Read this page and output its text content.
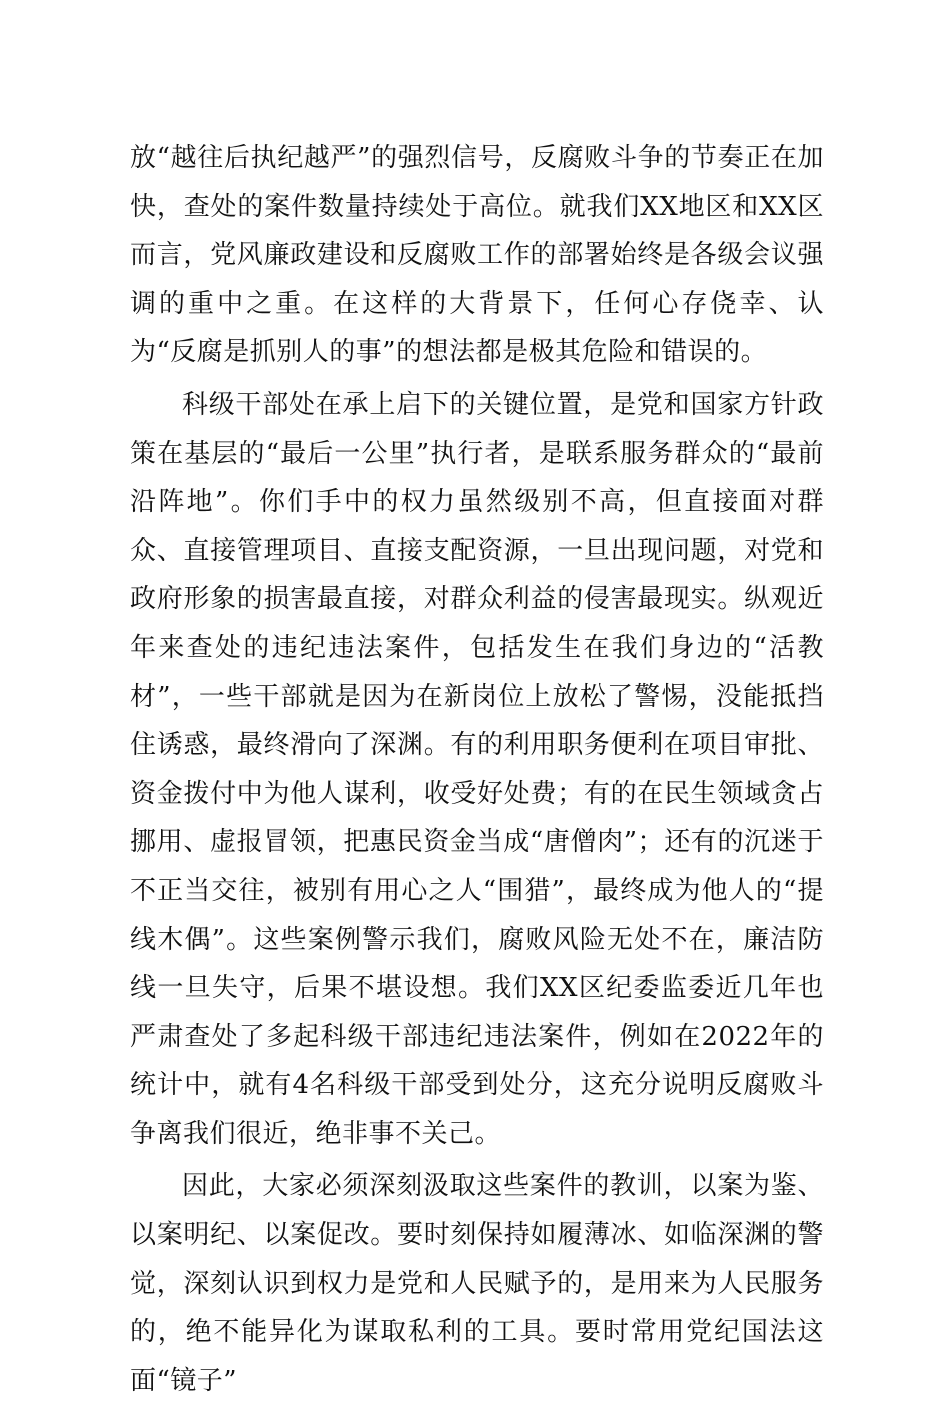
放“越往后执纪越严”的强烈信号，反腐败斗争的节奏正在加快，查处的案件数量持续处于高位。就我们XX地区和XX区而言，党风廉政建设和反腐败工作的部署始终是各级会议强调的重中之重。在这样的大背景下，任何心存侥幸、认为“反腐是抓别人的事”的想法都是极其危险和错误的。

科级干部处在承上启下的关键位置，是党和国家方针政策在基层的“最后一公里”执行者，是联系服务群众的“最前沿阵地”。你们手中的权力虽然级别不高，但直接面对群众、直接管理项目、直接支配资源，一旦出现问题，对党和政府形象的损害最直接，对群众利益的侵害最现实。纵观近年来查处的违纪违法案件，包括发生在我们身边的“活教材”，一些干部就是因为在新岗位上放松了警惕，没能抵挡住诱惑，最终滑向了深渊。有的利用职务便利在项目审批、资金拨付中为他人谋利，收受好处费；有的在民生领域贪占挪用、虚报冒领，把惠民资金当成“唐僧肉”；还有的沉迷于不正当交往，被别有用心之人“围猎”，最终成为他人的“提线木偶”。这些案例警示我们，腐败风险无处不在，廉洁防线一旦失守，后果不堪设想。我们XX区纪委监委近几年也严肃查处了多起科级干部违纪违法案件，例如在2022年的统计中，就有4名科级干部受到处分，这充分说明反腐败斗争离我们很近，绝非事不关己。

因此，大家必须深刻汲取这些案件的教训，以案为鉴、以案明纪、以案促改。要时刻保持如履薄冰、如临深渊的警觉，深刻认识到权力是党和人民赋予的，是用来为人民服务的，绝不能异化为谋取私利的工具。要时常用党纪国法这面“镜子”
